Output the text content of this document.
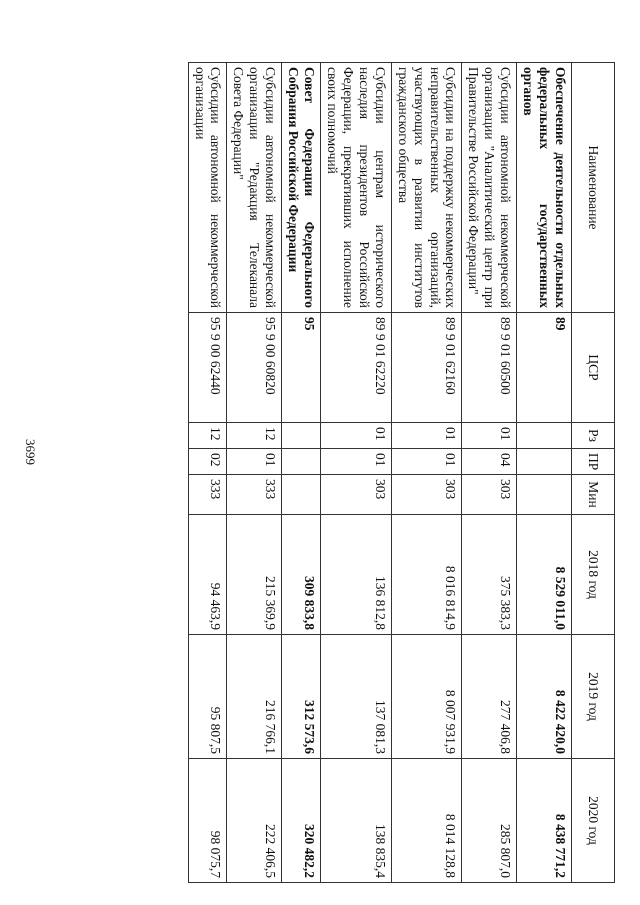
3699
Наименование	ЦСР	Рз	ПР	Мин	2018 год	2019 год	2020 год
Обеспечение деятельности отдельных федеральных государственных органов	89				8 529 011,0	8 422 420,0	8 438 771,2
Субсидии автономной некоммерческой организации "Аналитический центр при Правительстве Российской Федерации"	89 9 01 60500	01	04	303	375 383,3	277 406,8	285 807,0
Субсидии на поддержку некоммерческих неправительственных организаций, участвующих в развитии институтов гражданского общества	89 9 01 62160	01	01	303	8 016 814,9	8 007 931,9	8 014 128,8
Субсидии центрам исторического наследия президентов Российской Федерации, прекративших исполнение своих полномочий	89 9 01 62220	01	01	303	136 812,8	137 081,3	138 835,4
Совет Федерации Федерального Собрания Российской Федерации	95				309 833,8	312 573,6	320 482,2
Субсидии автономной некоммерческой организации "Редакция Телеканала Совета Федерации"	95 9 00 60820	12	01	333	215 369,9	216 766,1	222 406,5
Субсидии автономной некоммерческой организации	95 9 00 62440	12	02	333	94 463,9	95 807,5	98 075,7
